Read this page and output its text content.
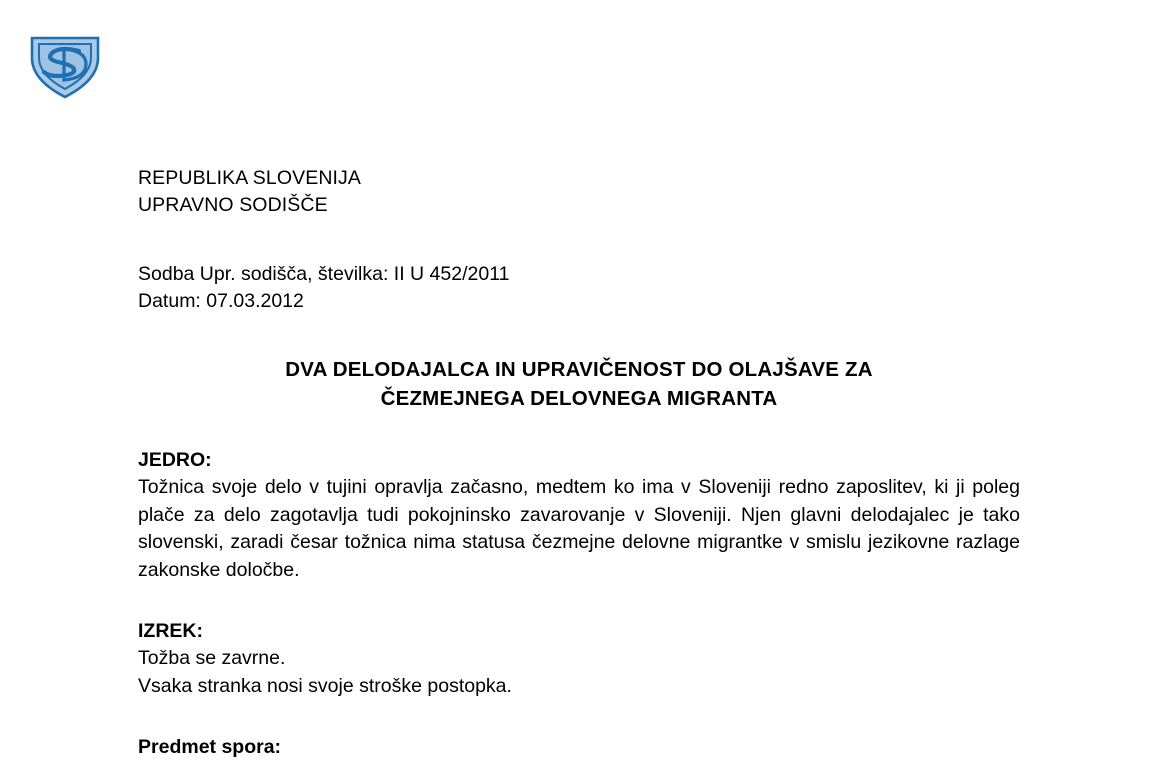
REPUBLIKA SLOVENIJA
UPRAVNO SODIŠČE
Sodba Upr. sodišča, številka: II U 452/2011
Datum: 07.03.2012
DVA DELODAJALCA IN UPRAVIČENOST DO OLAJŠAVE ZA
ČEZMEJNEGA DELOVNEGA MIGRANTA
JEDRO:
Tožnica svoje delo v tujini opravlja začasno, medtem ko ima v Sloveniji redno zaposlitev, ki ji poleg plače za delo zagotavlja tudi pokojninsko zavarovanje v Sloveniji. Njen glavni delodajalec je tako slovenski, zaradi česar tožnica nima statusa čezmejne delovne migrantke v smislu jezikovne razlage zakonske določbe.
IZREK:
Tožba se zavrne.
Vsaka stranka nosi svoje stroške postopka.
Predmet spora:
